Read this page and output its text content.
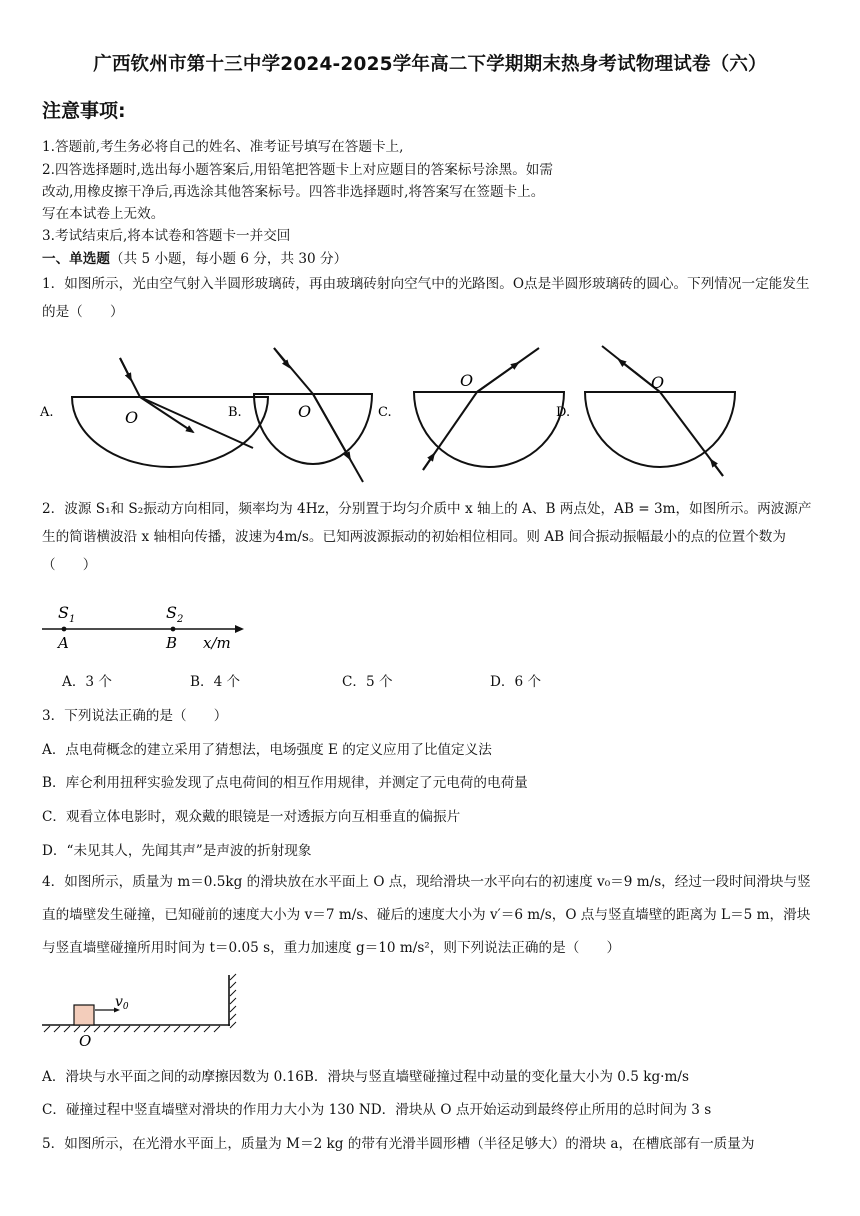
广西钦州市第十三中学2024-2025学年高二下学期期末热身考试物理试卷（六）
注意事项:
1.答题前,考生务必将自己的姓名、准考证号填写在答题卡上,
2.四答选择题时,选出每小题答案后,用铅笔把答题卡上对应题目的答案标号涂黑。如需
改动,用橡皮擦干净后,再选涂其他答案标号。四答非选择题时,将答案写在签题卡上。
写在本试卷上无效。
3.考试结束后,将本试卷和答题卡一并交回
一、单选题（共 5 小题，每小题 6 分，共 30 分）
1．如图所示，光由空气射入半圆形玻璃砖，再由玻璃砖射向空气中的光路图。O点是半圆形玻璃砖的圆心。下列情况一定能发生的是（　　）
A.	O	B.	O	C.
O
D.
O
2．波源 S₁和 S₂振动方向相同，频率均为 4Hz，分别置于均匀介质中 x 轴上的 A、B 两点处，AB = 3m，如图所示。两波源产生的简谐横波沿 x 轴相向传播，波速为4m/s。已知两波源振动的初始相位相同。则 AB 间合振动振幅最小的点的位置个数为（　　）
$S_1$	$S_2$
A	B x/m
A．3 个	B．4 个	C．5 个	D．6 个
3．下列说法正确的是（　　）
A．点电荷概念的建立采用了猜想法，电场强度 E 的定义应用了比值定义法
B．库仑利用扭秤实验发现了点电荷间的相互作用规律，并测定了元电荷的电荷量
C．观看立体电影时，观众戴的眼镜是一对透振方向互相垂直的偏振片
D．“未见其人，先闻其声”是声波的折射现象
4．如图所示，质量为 m＝0.5kg 的滑块放在水平面上 O 点，现给滑块一水平向右的初速度 v₀＝9 m/s，经过一段时间滑块与竖直的墙壁发生碰撞，已知碰前的速度大小为 v＝7 m/s、碰后的速度大小为 v′＝6 m/s，O 点与竖直墙壁的距离为 L＝5 m，滑块与竖直墙壁碰撞所用时间为 t＝0.05 s，重力加速度 g＝10 m/s²，则下列说法正确的是（　　）
$v_0$
O
A．滑块与水平面之间的动摩擦因数为 0.16B．滑块与竖直墙壁碰撞过程中动量的变化量大小为 0.5 kg·m/s
C．碰撞过程中竖直墙壁对滑块的作用力大小为 130 ND．滑块从 O 点开始运动到最终停止所用的总时间为 3 s
5．如图所示，在光滑水平面上，质量为 M＝2 kg 的带有光滑半圆形槽（半径足够大）的滑块 a，在槽底部有一质量为
